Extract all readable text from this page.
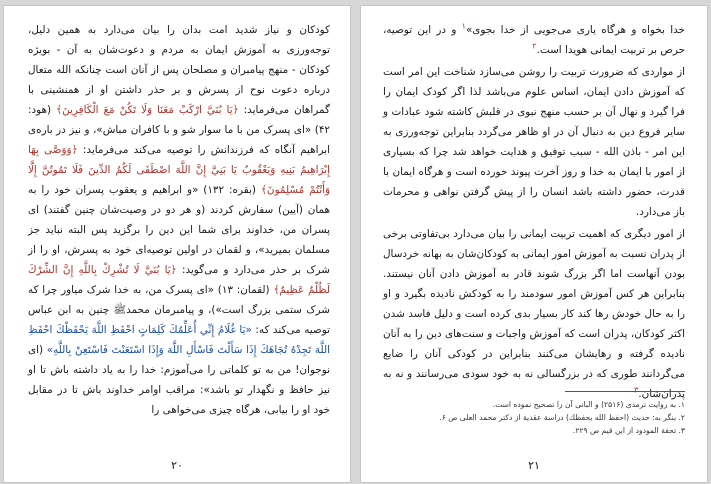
کودکان و نیاز شدید امت بدان را بیان می‌دارد به همین دلیل، توجه‌ورزی به آموزش ایمان به مردم و دعوت‌شان به آن - بویژه کودکان - منهج پیامبران و مصلحان پس از آنان است چنانکه الله متعال درباره دعوت نوح از پسرش و بر حذر داشتن او از همنشینی با گمراهان می‌فرماید: ﴿يَا بُنَيَّ ارْكَبْ مَعَنَا وَلَا تَكُنْ مَعَ الْكَافِرِينَ﴾ (هود: ۴۲) «ای پسرک من با ما سوار شو و با کافران مباش»، و نیز در باره‌ی ابراهیم آنگاه که فرزندانش را توصیه می‌کند می‌فرماید: ﴿وَوَصَّى بِهَا إِبْرَاهِيمُ بَنِيهِ وَيَعْقُوبُ يَا بَنِيَّ إِنَّ اللَّهَ اصْطَفَى لَكُمُ الدِّينَ فَلَا تَمُوتُنَّ إِلَّا وَأَنْتُمْ مُسْلِمُونَ﴾ (بقره: ۱۳۲) «و ابراهیم و یعقوب پسران خود را به همان (آیین) سفارش کردند (و هر دو در وصیت‌شان چنین گفتند) ای پسران من، خداوند برای شما این دین را برگزید پس البته نباید جز مسلمان بمیرید»، و لقمان در اولین توصیه‌ای خود به پسرش، او را از شرک بر حذر می‌دارد و می‌گوید: ﴿يَا بُنَيَّ لَا تُشْرِكْ بِاللَّهِ إِنَّ الشِّرْكَ لَظُلْمٌ عَظِيمٌ﴾ (لقمان: ۱۳) «ای پسرک من، به خدا شرک میاور چرا که شرک ستمی بزرگ است»)، و پیامبرمان محمدﷺ چنین به ابن عباس توصیه می‌کند که: «يَا غُلَامُ إِنِّي أُعَلِّمُكَ كَلِمَاتٍ احْفَظِ اللَّهَ يَحْفَظْكَ احْفَظِ اللَّهَ تَجِدْهُ تُجَاهَكَ إِذَا سَأَلْتَ فَاسْأَلِ اللَّهَ وَإِذَا اسْتَعَنْتَ فَاسْتَعِنْ بِاللَّهِ» (ای نوجوان! من به تو کلماتی را می‌آموزم: خدا را به یاد داشته باش تا او نیز حافظ و نگهدار تو باشد»: مراقب اوامر خداوند باش تا در مقابل خود او را بیابی، هرگاه چیزی می‌خواهی را

۲۰

خدا بخواه و هرگاه یاری می‌جویی از خدا بجوی»$^۱$ و در این توصیه، حرص بر تربیت ایمانی هویدا است.$^۲$

از مواردی که ضرورت تربیت را روشن می‌سازد شناخت این امر است که آموزش دادن ایمان، اساس علوم می‌باشد لذا اگر کودک ایمان را فرا گیرد و نهال آن بر حسب منهج نبوی در قلبش کاشته شود عبادات و سایر فروع دین به دنبال آن در او ظاهر می‌گردد بنابراین توجه‌ورزی به این امر - باذن الله - سبب توفیق و هدایت خواهد شد چرا که بسیاری از امور با ایمان به خدا و روز آخرت پیوند خورده است و هرگاه ایمان با قدرت، حضور داشته باشد انسان را از پیش گرفتن نواهی و محرمات باز می‌دارد.

از امور دیگری که اهمیت تربیت ایمانی را بیان می‌دارد بی‌تفاوتی برخی از پدران نسبت به آموزش امور ایمانی به کودکان‌شان به بهانه خردسال بودن آنهاست اما اگر بزرگ شوند قادر به آموزش دادن آنان نیستند. بنابراین هر کس آموزش امور سودمند را به کودکش نادیده بگیرد و او را به حال خودش رها کند کار بسیار بدی کرده است و دلیل فاسد شدن اکثر کودکان، پدران است که آموزش واجبات و سنت‌های دین را به آنان نادیده گرفته و رهایشان می‌کنند بنابراین در کودکی آنان را ضایع می‌گردانند طوری که در بزرگسالی نه به خود سودی می‌رسانند و نه به پدران‌شان.$^۳$

۱. به روایت ترمذی (۲۵۱۶) و البانی آن را تصحیح نموده است.
۲. بنگر به: حدیث (احفظ الله یحفظك) دراسة عقدیة از دکتر محمد العلی ص ۶.
۳. تحفة المودود از ابن قیم ص ۲۲۹.
۲۱
